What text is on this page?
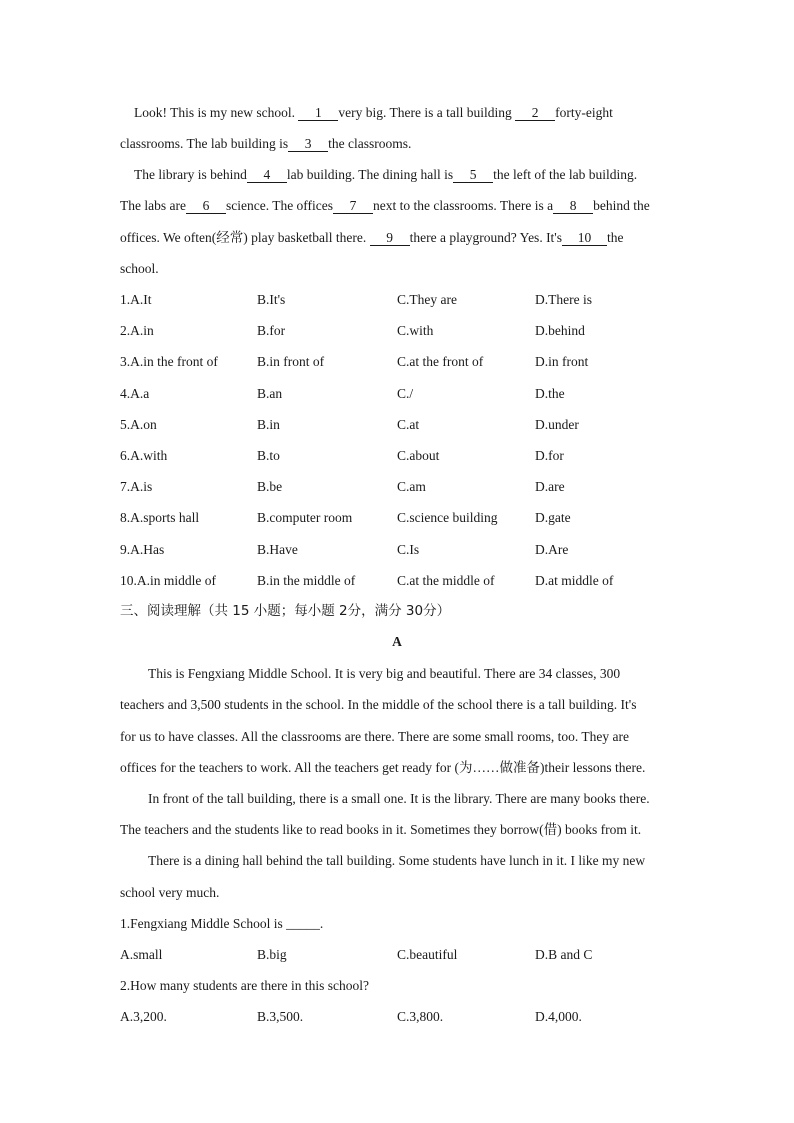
Look! This is my new school. 1 very big. There is a tall building 2 forty-eight
classrooms. The lab building is 3 the classrooms.
The library is behind 4 lab building. The dining hall is 5 the left of the lab building.
The labs are 6 science. The offices 7 next to the classrooms. There is a 8 behind the
offices. We often(经常) play basketball there. 9 there a playground? Yes. It's 10 the
school.
1.A.It	B.It's	C.They are	D.There is
2.A.in	B.for	C.with	D.behind
3.A.in the front of	B.in front of	C.at the front of	D.in front
4.A.a	B.an	C./	D.the
5.A.on	B.in	C.at	D.under
6.A.with	B.to	C.about	D.for
7.A.is	B.be	C.am	D.are
8.A.sports hall	B.computer room	C.science building	D.gate
9.A.Has	B.Have	C.Is	D.Are
10.A.in middle of	B.in the middle of	C.at the middle of	D.at middle of
三、阅读理解（共 15 小题；每小题 2分，满分 30分）
A
This is Fengxiang Middle School. It is very big and beautiful. There are 34 classes, 300
teachers and 3,500 students in the school. In the middle of the school there is a tall building. It's
for us to have classes. All the classrooms are there. There are some small rooms, too. They are
offices for the teachers to work. All the teachers get ready for (为……做准备)their lessons there.
In front of the tall building, there is a small one. It is the library. There are many books there.
The teachers and the students like to read books in it. Sometimes they borrow(借) books from it.
There is a dining hall behind the tall building. Some students have lunch in it. I like my new
school very much.
1.Fengxiang Middle School is _____.
A.small	B.big	C.beautiful	D.B and C
2.How many students are there in this school?
A.3,200.	B.3,500.	C.3,800.	D.4,000.
